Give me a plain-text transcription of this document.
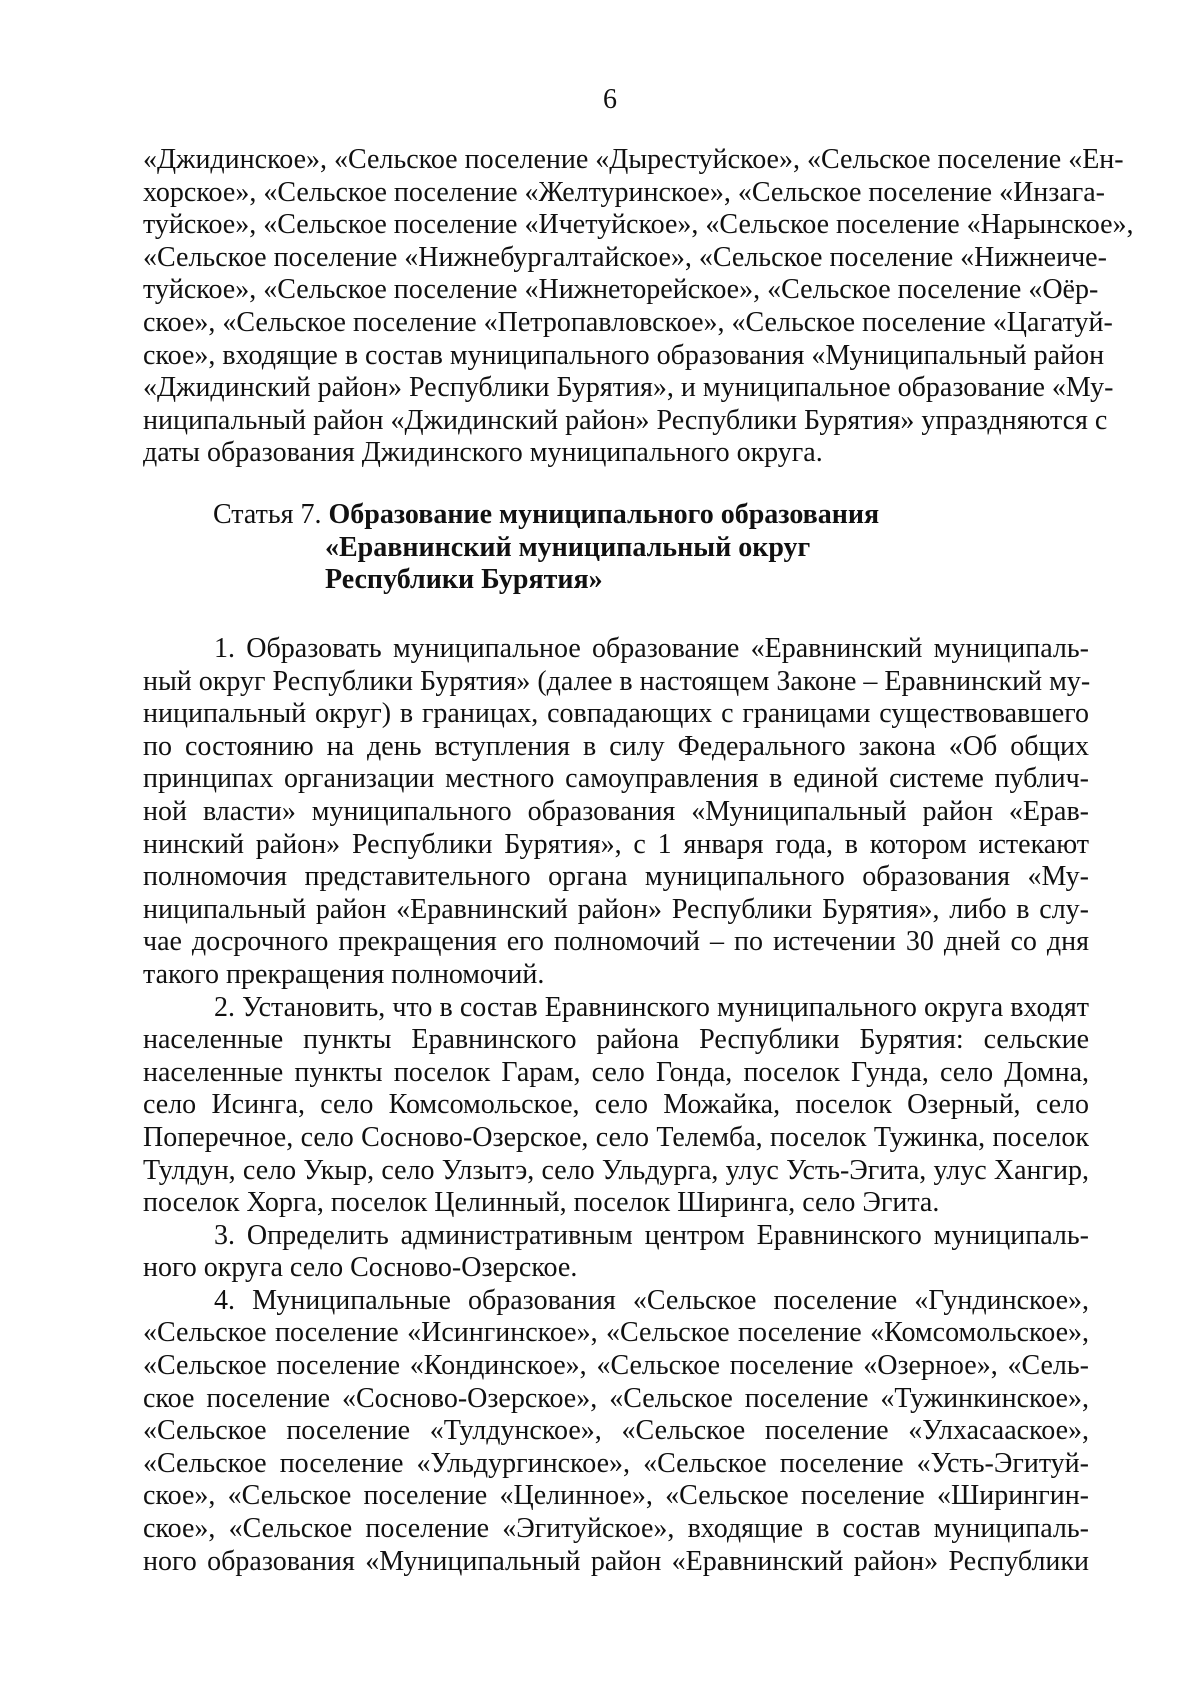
6
«Джидинское», «Сельское поселение «Дырестуйское», «Сельское поселение «Ен-
хорское», «Сельское поселение «Желтуринское», «Сельское поселение «Инзага-
туйское», «Сельское поселение «Ичетуйское», «Сельское поселение «Нарынское»,
«Сельское поселение «Нижнебургалтайское», «Сельское поселение «Нижнеиче-
туйское», «Сельское поселение «Нижнеторейское», «Сельское поселение «Оёр-
ское», «Сельское поселение «Петропавловское», «Сельское поселение «Цагатуй-
ское», входящие в состав муниципального образования «Муниципальный район
«Джидинский район» Республики Бурятия», и муниципальное образование «Му-
ниципальный район «Джидинский район» Республики Бурятия» упраздняются с
даты образования Джидинского муниципального округа.
Статья 7. Образование муниципального образования
«Еравнинский муниципальный округ
Республики Бурятия»
1. Образовать муниципальное образование «Еравнинский муниципаль-
ный округ Республики Бурятия» (далее в настоящем Законе – Еравнинский му-
ниципальный округ) в границах, совпадающих с границами существовавшего
по состоянию на день вступления в силу Федерального закона «Об общих
принципах организации местного самоуправления в единой системе публич-
ной власти» муниципального образования «Муниципальный район «Ерав-
нинский район» Республики Бурятия», с 1 января года, в котором истекают
полномочия представительного органа муниципального образования «Му-
ниципальный район «Еравнинский район» Республики Бурятия», либо в слу-
чае досрочного прекращения его полномочий – по истечении 30 дней со дня
такого прекращения полномочий.
2. Установить, что в состав Еравнинского муниципального округа входят
населенные пункты Еравнинского района Республики Бурятия: сельские
населенные пункты поселок Гарам, село Гонда, поселок Гунда, село Домна,
село Исинга, село Комсомольское, село Можайка, поселок Озерный, село
Поперечное, село Сосново-Озерское, село Телемба, поселок Тужинка, поселок
Тулдун, село Укыр, село Улзытэ, село Ульдурга, улус Усть-Эгита, улус Хангир,
поселок Хорга, поселок Целинный, поселок Ширинга, село Эгита.
3. Определить административным центром Еравнинского муниципаль-
ного округа село Сосново-Озерское.
4. Муниципальные образования «Сельское поселение «Гундинское»,
«Сельское поселение «Исингинское», «Сельское поселение «Комсомольское»,
«Сельское поселение «Кондинское», «Сельское поселение «Озерное», «Сель-
ское поселение «Сосново-Озерское», «Сельское поселение «Тужинкинское»,
«Сельское поселение «Тулдунское», «Сельское поселение «Улхасааское»,
«Сельское поселение «Ульдургинское», «Сельское поселение «Усть-Эгитуй-
ское», «Сельское поселение «Целинное», «Сельское поселение «Ширингин-
ское», «Сельское поселение «Эгитуйское», входящие в состав муниципаль-
ного образования «Муниципальный район «Еравнинский район» Республики
